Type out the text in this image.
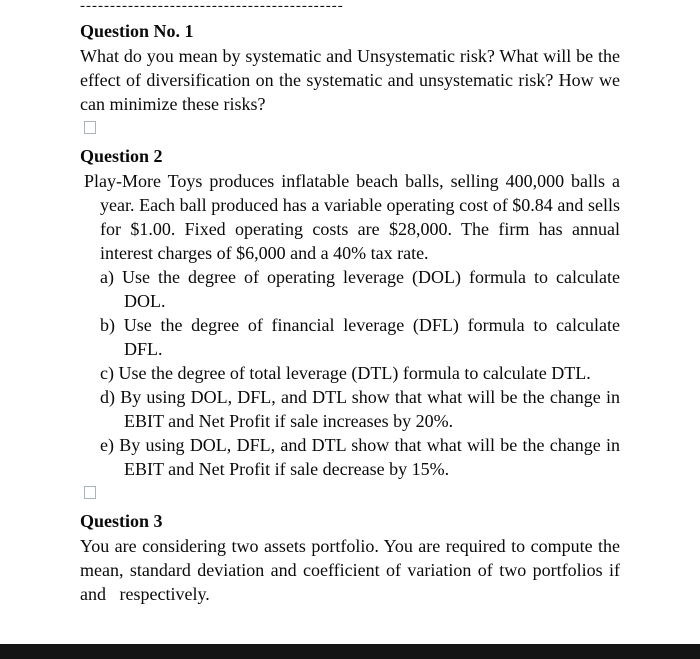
--------------------------------------------
Question No. 1

What do you mean by systematic and Unsystematic risk? What will be the effect of diversification on the systematic and unsystematic risk? How we can minimize these risks?

Question 2

Play-More Toys produces inflatable beach balls, selling 400,000 balls a year. Each ball produced has a variable operating cost of $0.84 and sells for $1.00. Fixed operating costs are $28,000. The firm has annual interest charges of $6,000 and a 40% tax rate.

a) Use the degree of operating leverage (DOL) formula to calculate DOL.

b) Use the degree of financial leverage (DFL) formula to calculate DFL.

c) Use the degree of total leverage (DTL) formula to calculate DTL.

d) By using DOL, DFL, and DTL show that what will be the change in EBIT and Net Profit if sale increases by 20%.

e) By using DOL, DFL, and DTL show that what will be the change in EBIT and Net Profit if sale decrease by 15%.

Question 3

You are considering two assets portfolio. You are required to compute the mean, standard deviation and coefficient of variation of two portfolios if and   respectively.
